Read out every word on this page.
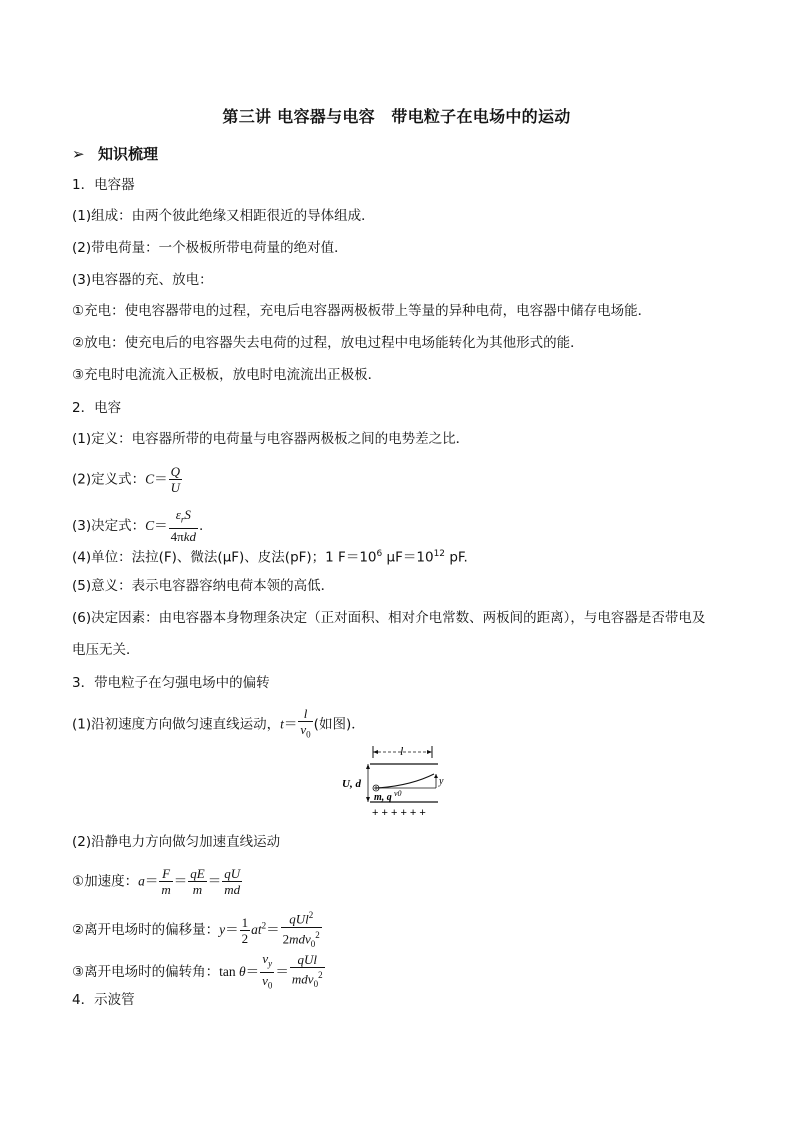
第三讲 电容器与电容　带电粒子在电场中的运动
➢ 知识梳理
1．电容器
(1)组成：由两个彼此绝缘又相距很近的导体组成．
(2)带电荷量：一个极板所带电荷量的绝对值．
(3)电容器的充、放电：
①充电：使电容器带电的过程，充电后电容器两极板带上等量的异种电荷，电容器中储存电场能．
②放电：使充电后的电容器失去电荷的过程，放电过程中电场能转化为其他形式的能．
③充电时电流流入正极板，放电时电流流出正极板．
2．电容
(1)定义：电容器所带的电荷量与电容器两极板之间的电势差之比．
(2)定义式：$C= \frac{Q}{U}$
(3)决定式：$C= \frac{\varepsilon_rS}{\text{4πkd}}$ .
(4)单位：法拉(F)、微法(μF)、皮法(pF)；1 $F=10^6$ $\mu F=10^{12}$ pF.
(5)意义：表示电容器容纳电荷本领的高低．
(6)决定因素：由电容器本身物理条决定（正对面积、相对介电常数、两板间的距离），与电容器是否带电及
电压无关．
3．带电粒子在匀强电场中的偏转
(1)沿初速度方向做匀速直线运动，$t= \frac{l}{v_0}$ (如图)．
l
U, d	y
m, q v0
+ + + + + +
(2)沿静电力方向做匀加速直线运动
①加速度：$a= \frac{F}{m} = \frac{qE}{m} = \frac{qU}{md}$
②离开电场时的偏移量：$y= \frac{1}{2} at^2= \frac{qUl^2}{2mdv_0^2}$
③离开电场时的偏转角：$\tan \theta= \frac{v_y}{v_0} = \frac{\text{qUl}}{mdv_0^2}$
4．示波管
